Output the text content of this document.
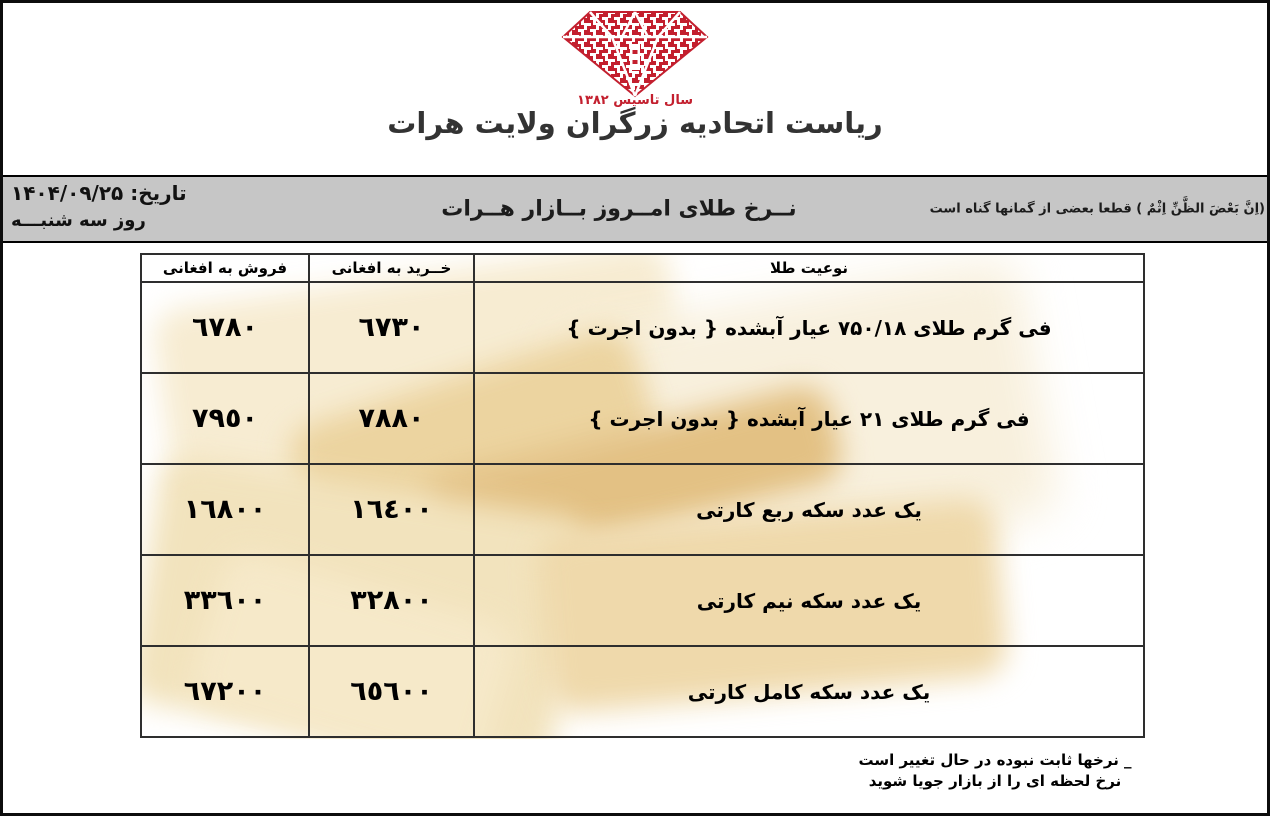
سال تاسیس ۱۳۸۲
ریاست اتحادیه زرگران ولایت هرات
تاریخ: ۱۴۰۴/۰۹/۲۵
روز سه شنبـــه	نــرخ طلای امــروز بــازار هــرات	(اِنَّ بَعْضَ الظَّنِّ اِثْمٌ ) قطعا بعضی از گمانها گناه است
نوعیت طلا	خــرید به افغانی	فروش به افغانی
فی گرم طلای ۷۵۰/۱۸ عیار آبشده { بدون اجرت }	٦٧٣٠	٦٧٨٠
فی گرم طلای ۲۱ عیار آبشده { بدون اجرت }	٧٨٨٠	٧٩٥٠
یک عدد سکه ربع کارتی	١٦٤٠٠	١٦٨٠٠
یک عدد سکه نیم کارتی	٣٢٨٠٠	٣٣٦٠٠
یک عدد سکه کامل کارتی	٦٥٦٠٠	٦٧٢٠٠
_ نرخها ثابت نبوده در حال تغییر است
نرخ لحظه ای را از بازار جویا شوید
